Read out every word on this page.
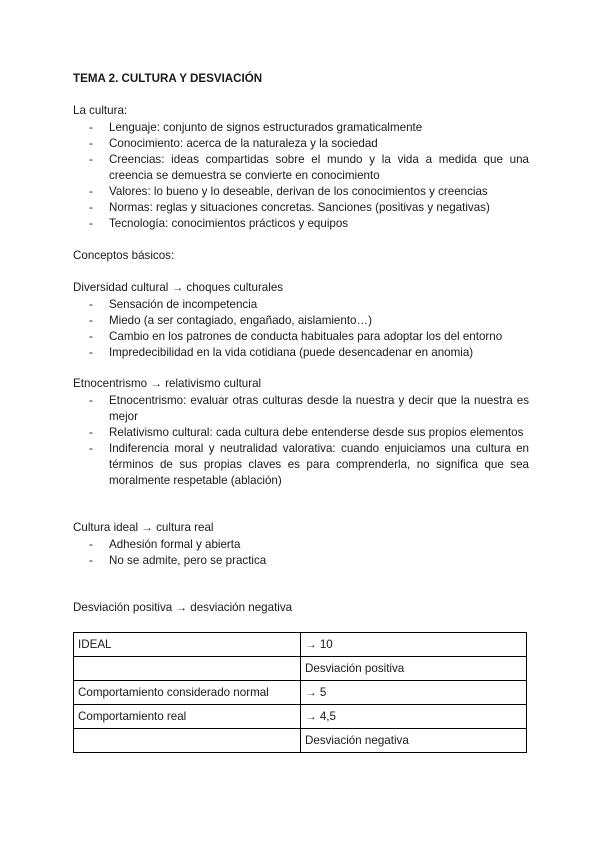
TEMA 2. CULTURA Y DESVIACIÓN
La cultura:
- Lenguaje: conjunto de signos estructurados gramaticalmente
- Conocimiento: acerca de la naturaleza y la sociedad
- Creencias: ideas compartidas sobre el mundo y la vida a medida que una creencia se demuestra se convierte en conocimiento
- Valores: lo bueno y lo deseable, derivan de los conocimientos y creencias
- Normas: reglas y situaciones concretas. Sanciones (positivas y negativas)
- Tecnología: conocimientos prácticos y equipos
Conceptos básicos:
Diversidad cultural → choques culturales
- Sensación de incompetencia
- Miedo (a ser contagiado, engañado, aislamiento…)
- Cambio en los patrones de conducta habituales para adoptar los del entorno
- Impredecibilidad en la vida cotidiana (puede desencadenar en anomia)
Etnocentrismo → relativismo cultural
- Etnocentrismo: evaluar otras culturas desde la nuestra y decir que la nuestra es mejor
- Relativismo cultural: cada cultura debe entenderse desde sus propios elementos
- Indiferencia moral y neutralidad valorativa: cuando enjuiciamos una cultura en términos de sus propias claves es para comprenderla, no significa que sea moralmente respetable (ablación)
Cultura ideal → cultura real
- Adhesión formal y abierta
- No se admite, pero se practica
Desviación positiva → desviación negativa
IDEAL	→ 10
	Desviación positiva
Comportamiento considerado normal	→ 5
Comportamiento real	→ 4,5
	Desviación negativa
